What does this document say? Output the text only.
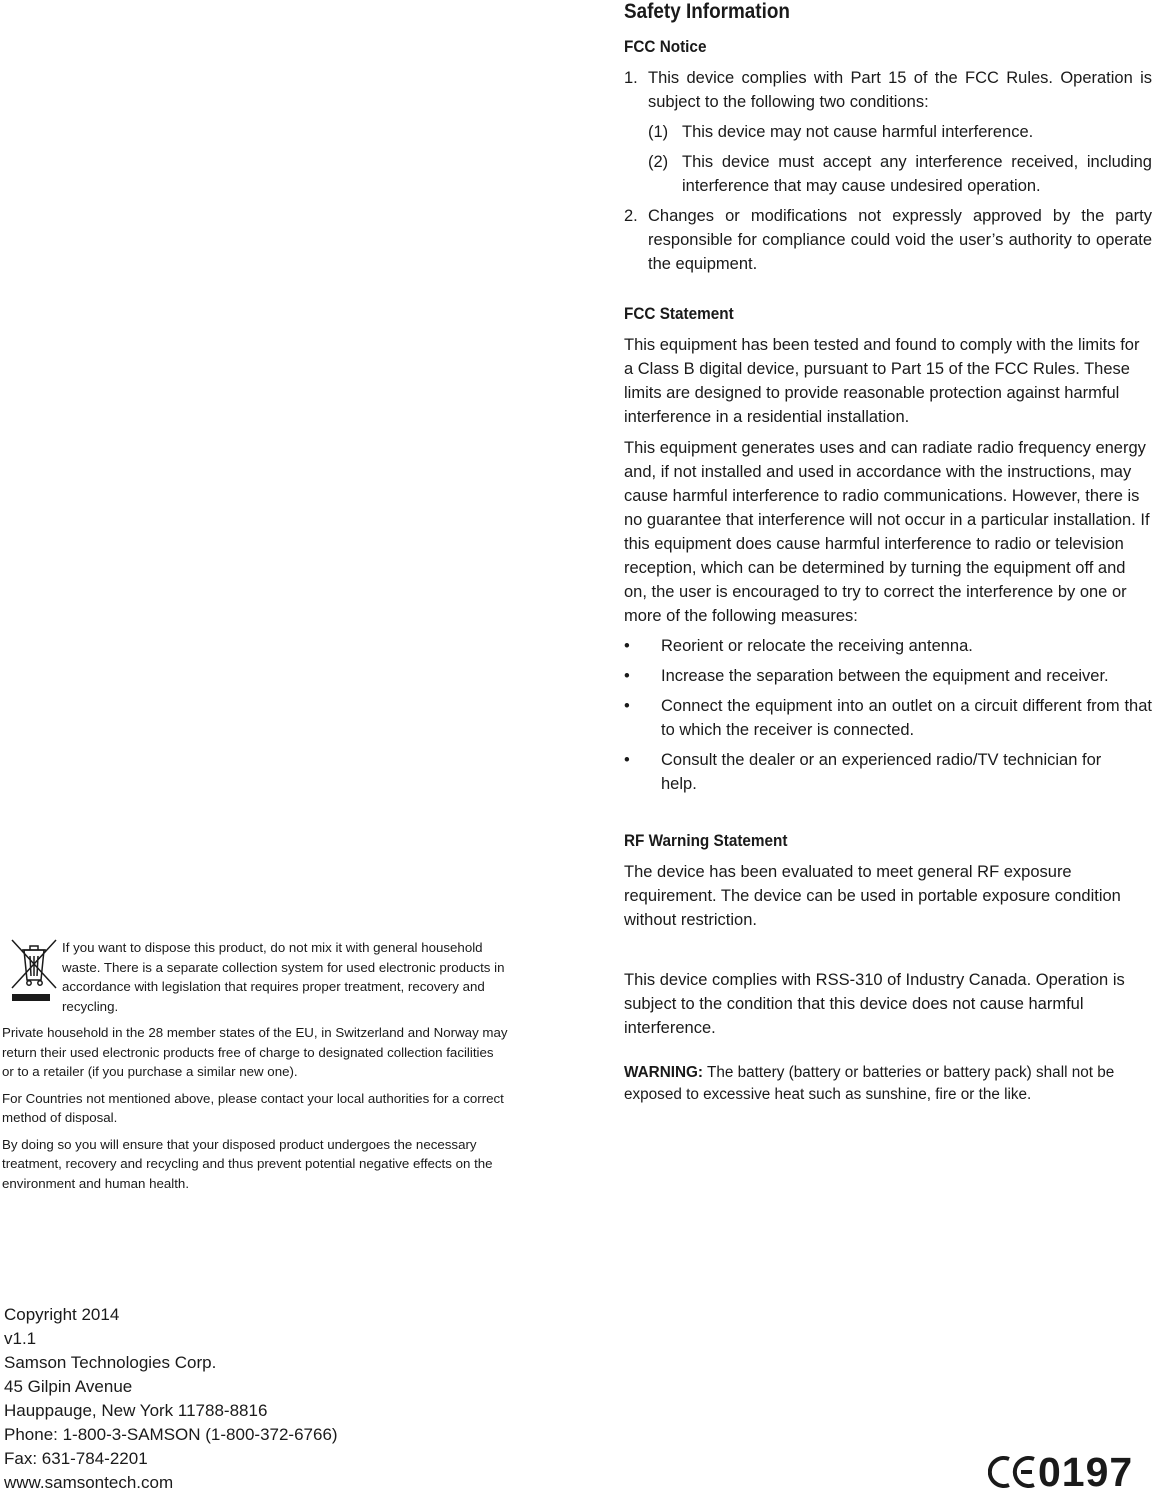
Safety Information
FCC Notice
1. This device complies with Part 15 of the FCC Rules. Operation is subject to the following two conditions:
(1) This device may not cause harmful interference.
(2) This device must accept any interference received, including interference that may cause undesired operation.
2. Changes or modifications not expressly approved by the party responsible for compliance could void the user’s authority to operate the equipment.
FCC Statement

This equipment has been tested and found to comply with the limits for a Class B digital device, pursuant to Part 15 of the FCC Rules. These limits are designed to provide reasonable protection against harmful interference in a residential installation.

This equipment generates uses and can radiate radio frequency energy and, if not installed and used in accordance with the instructions, may cause harmful interference to radio communications. However, there is no guarantee that interference will not occur in a particular installation. If this equipment does cause harmful interference to radio or television reception, which can be determined by turning the equipment off and on, the user is encouraged to try to correct the interference by one or more of the following measures:

•	Reorient or relocate the receiving antenna.
•	Increase the separation between the equipment and receiver.
•	Connect the equipment into an outlet on a circuit different from that to which the receiver is connected.
•	Consult the dealer or an experienced radio/TV technician for help.
RF Warning Statement

The device has been evaluated to meet general RF exposure requirement. The device can be used in portable exposure condition without restriction.

This device complies with RSS-310 of Industry Canada. Operation is subject to the condition that this device does not cause harmful interference.

WARNING: The battery (battery or batteries or battery pack) shall not be exposed to excessive heat such as sunshine, fire or the like.

If you want to dispose this product, do not mix it with general household waste. There is a separate collection system for used electronic products in accordance with legislation that requires proper treatment, recovery and recycling.

Private household in the 28 member states of the EU, in Switzerland and Norway may return their used electronic products free of charge to designated collection facilities or to a retailer (if you purchase a similar new one).

For Countries not mentioned above, please contact your local authorities for a correct method of disposal.

By doing so you will ensure that your disposed product undergoes the necessary treatment, recovery and recycling and thus prevent potential negative effects on the environment and human health.

Copyright 2014

v1.1

Samson Technologies Corp.

45 Gilpin Avenue

Hauppauge, New York 11788-8816

Phone: 1-800-3-SAMSON (1-800-372-6766)

Fax: 631-784-2201

www.samsontech.com	0197
